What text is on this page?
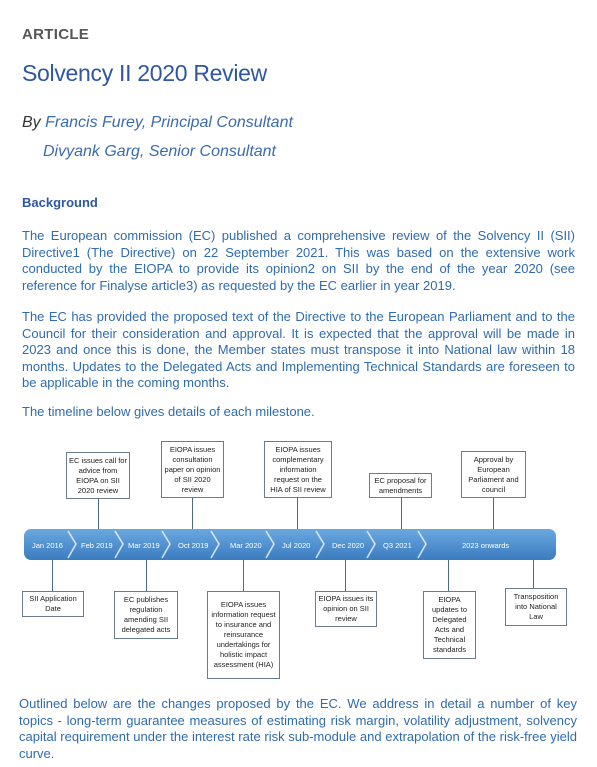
ARTICLE
Solvency II 2020 Review
By Francis Furey, Principal Consultant
Divyank Garg, Senior Consultant
Background
The European commission (EC) published a comprehensive review of the Solvency II (SII) Directive1 (The Directive) on 22 September 2021. This was based on the extensive work conducted by the EIOPA to provide its opinion2 on SII by the end of the year 2020 (see reference for Finalyse article3) as requested by the EC earlier in year 2019.
The EC has provided the proposed text of the Directive to the European Parliament and to the Council for their consideration and approval. It is expected that the approval will be made in 2023 and once this is done, the Member states must transpose it into National law within 18 months. Updates to the Delegated Acts and Implementing Technical Standards are foreseen to be applicable in the coming months.
The timeline below gives details of each milestone.
Jan 2016 Feb 2019 Mar 2019 Oct 2019	Mar 2020	Jul 2020	Dec 2020	Q3 2021	2023 onwards
EC issues call for advice from EIOPA on SII 2020 review
EIOPA issues consultation paper on opinion of SII 2020 review
EIOPA issues complementary information request on the HIA of SII review
EC proposal for amendments
Approval by European Parliament and council
SII Application Date
EC publishes regulation amending SII delegated acts
EIOPA issues information request to insurance and reinsurance undertakings for holistic impact assessment (HIA)
EIOPA issues its opinion on SII review
EIOPA updates to Delegated Acts and Technical standards
Transposition into National Law
Outlined below are the changes proposed by the EC. We address in detail a number of key topics - long-term guarantee measures of estimating risk margin, volatility adjustment, solvency capital requirement under the interest rate risk sub-module and extrapolation of the risk-free yield curve.
